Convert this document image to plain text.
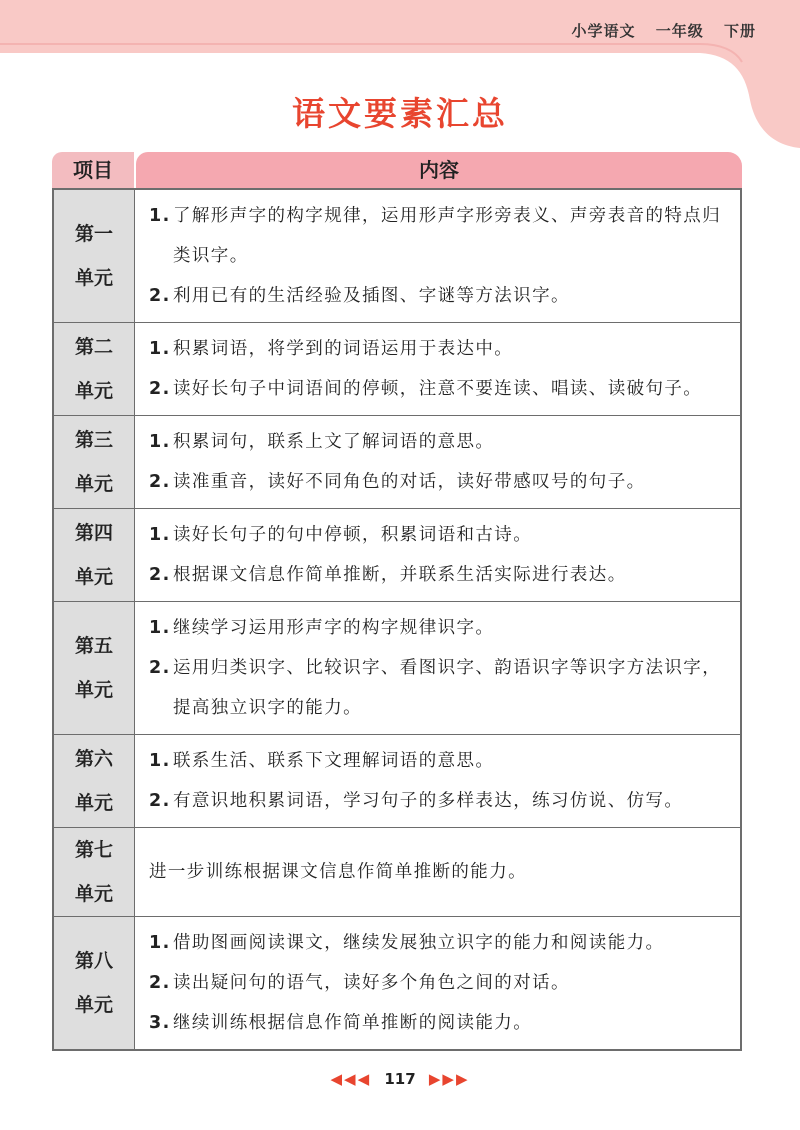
小学语文 一年级 下册
语文要素汇总
项目	内容
第一
单元
1. 了解形声字的构字规律，运用形声字形旁表义、声旁表音的特点归类识字。
2. 利用已有的生活经验及插图、字谜等方法识字。
第二
单元
1. 积累词语，将学到的词语运用于表达中。
2. 读好长句子中词语间的停顿，注意不要连读、唱读、读破句子。
第三
单元
1. 积累词句，联系上文了解词语的意思。
2. 读准重音，读好不同角色的对话，读好带感叹号的句子。
第四
单元
1. 读好长句子的句中停顿，积累词语和古诗。
2. 根据课文信息作简单推断，并联系生活实际进行表达。
第五
单元
1. 继续学习运用形声字的构字规律识字。
2. 运用归类识字、比较识字、看图识字、韵语识字等识字方法识字，提高独立识字的能力。
第六
单元
1. 联系生活、联系下文理解词语的意思。
2. 有意识地积累词语，学习句子的多样表达，练习仿说、仿写。
第七
单元
进一步训练根据课文信息作简单推断的能力。
第八
单元
1. 借助图画阅读课文，继续发展独立识字的能力和阅读能力。
2. 读出疑问句的语气，读好多个角色之间的对话。
3. 继续训练根据信息作简单推断的阅读能力。
◀◀◀ 117 ▶▶▶
